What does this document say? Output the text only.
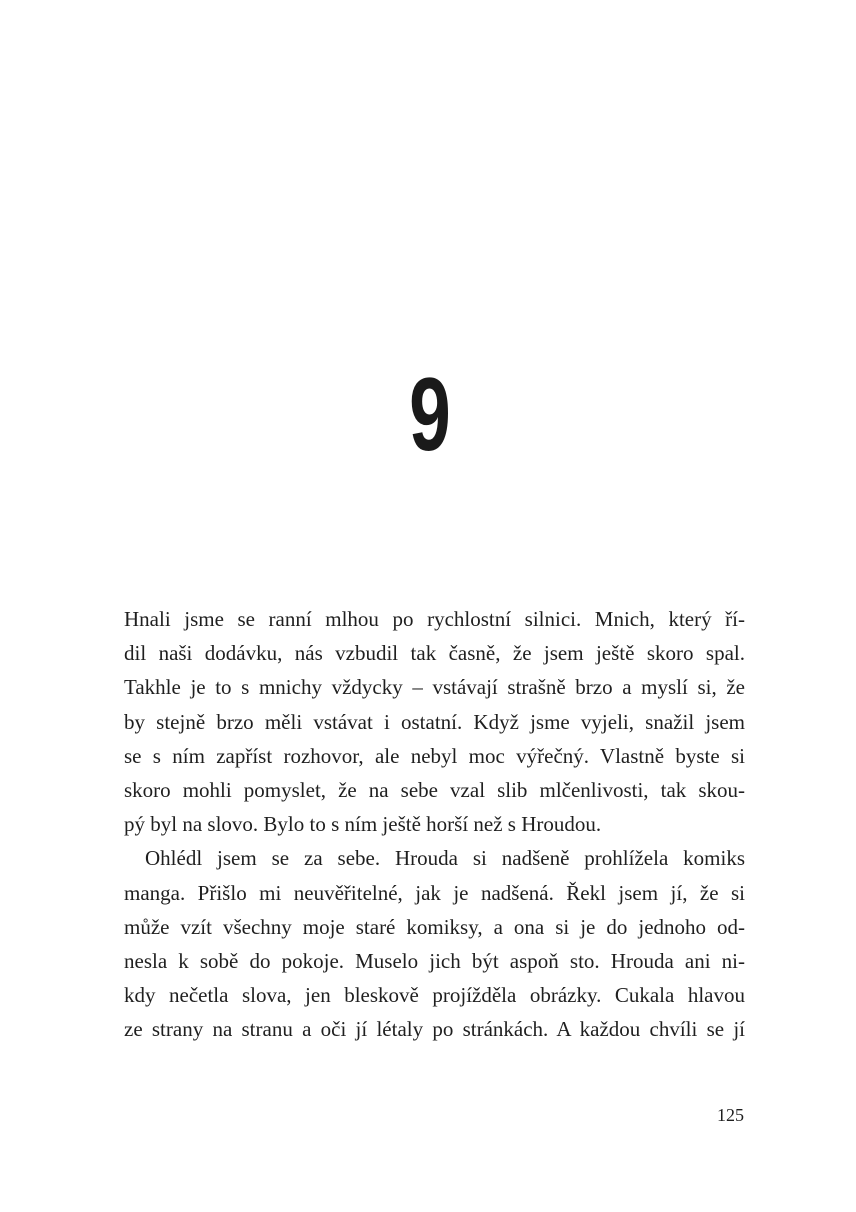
9
Hnali jsme se ranní mlhou po rychlostní silnici. Mnich, který ří-
dil naši dodávku, nás vzbudil tak časně, že jsem ještě skoro spal.
Takhle je to s mnichy vždycky – vstávají strašně brzo a myslí si, že
by stejně brzo měli vstávat i ostatní. Když jsme vyjeli, snažil jsem
se s ním zapříst rozhovor, ale nebyl moc výřečný. Vlastně byste si
skoro mohli pomyslet, že na sebe vzal slib mlčenlivosti, tak skou-
pý byl na slovo. Bylo to s ním ještě horší než s Hroudou.
Ohlédl jsem se za sebe. Hrouda si nadšeně prohlížela komiks
manga. Přišlo mi neuvěřitelné, jak je nadšená. Řekl jsem jí, že si
může vzít všechny moje staré komiksy, a ona si je do jednoho od-
nesla k sobě do pokoje. Muselo jich být aspoň sto. Hrouda ani ni-
kdy nečetla slova, jen bleskově projížděla obrázky. Cukala hlavou
ze strany na stranu a oči jí létaly po stránkách. A každou chvíli se jí
125
